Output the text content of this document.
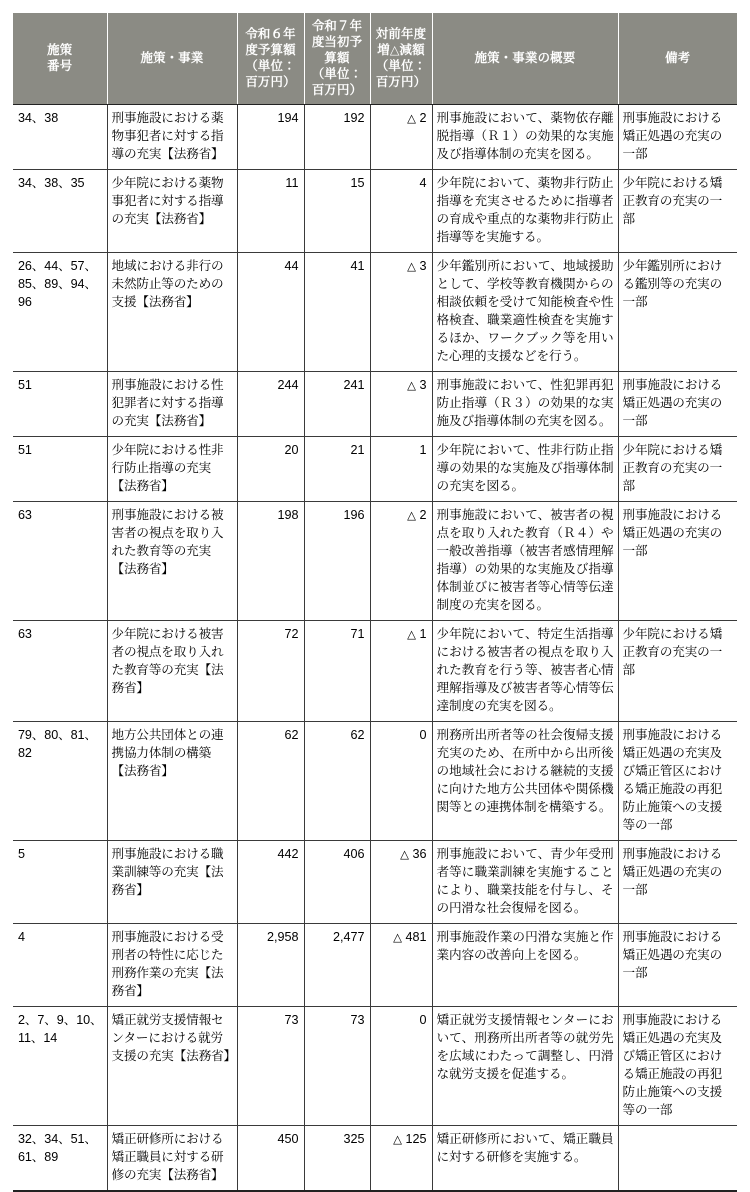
施策
番号	施策・事業	令和６年
度予算額
（単位：
百万円）	令和７年
度当初予
算額
（単位：
百万円）	対前年度
増△減額
（単位：
百万円）	施策・事業の概要	備考

34、38	刑事施設における薬物事犯者に対する指導の充実【法務省】	194	192	△ 2	刑事施設において、薬物依存離脱指導（Ｒ１）の効果的な実施及び指導体制の充実を図る。	刑事施設における矯正処遇の充実の一部
34、38、35	少年院における薬物事犯者に対する指導の充実【法務省】	11	15	4	少年院において、薬物非行防止指導を充実させるために指導者の育成や重点的な薬物非行防止指導等を実施する。	少年院における矯正教育の充実の一部
26、44、57、85、89、94、96	地域における非行の未然防止等のための支援【法務省】	44	41	△ 3	少年鑑別所において、地域援助として、学校等教育機関からの相談依頼を受けて知能検査や性格検査、職業適性検査を実施するほか、ワークブック等を用いた心理的支援などを行う。	少年鑑別所における鑑別等の充実の一部
51	刑事施設における性犯罪者に対する指導の充実【法務省】	244	241	△ 3	刑事施設において、性犯罪再犯防止指導（Ｒ３）の効果的な実施及び指導体制の充実を図る。	刑事施設における矯正処遇の充実の一部
51	少年院における性非行防止指導の充実【法務省】	20	21	1	少年院において、性非行防止指導の効果的な実施及び指導体制の充実を図る。	少年院における矯正教育の充実の一部
63	刑事施設における被害者の視点を取り入れた教育等の充実【法務省】	198	196	△ 2	刑事施設において、被害者の視点を取り入れた教育（Ｒ４）や一般改善指導（被害者感情理解指導）の効果的な実施及び指導体制並びに被害者等心情等伝達制度の充実を図る。	刑事施設における矯正処遇の充実の一部
63	少年院における被害者の視点を取り入れた教育等の充実【法務省】	72	71	△ 1	少年院において、特定生活指導における被害者の視点を取り入れた教育を行う等、被害者心情理解指導及び被害者等心情等伝達制度の充実を図る。	少年院における矯正教育の充実の一部
79、80、81、82	地方公共団体との連携協力体制の構築【法務省】	62	62	0	刑務所出所者等の社会復帰支援充実のため、在所中から出所後の地域社会における継続的支援に向けた地方公共団体や関係機関等との連携体制を構築する。	刑事施設における矯正処遇の充実及び矯正管区における矯正施設の再犯防止施策への支援等の一部
5	刑事施設における職業訓練等の充実【法務省】	442	406	△ 36	刑事施設において、青少年受刑者等に職業訓練を実施することにより、職業技能を付与し、その円滑な社会復帰を図る。	刑事施設における矯正処遇の充実の一部
4	刑事施設における受刑者の特性に応じた刑務作業の充実【法務省】	2,958	2,477	△ 481	刑事施設作業の円滑な実施と作業内容の改善向上を図る。	刑事施設における矯正処遇の充実の一部
2、7、9、10、11、14	矯正就労支援情報センターにおける就労支援の充実【法務省】	73	73	0	矯正就労支援情報センターにおいて、刑務所出所者等の就労先を広域にわたって調整し、円滑な就労支援を促進する。	刑事施設における矯正処遇の充実及び矯正管区における矯正施設の再犯防止施策への支援等の一部
32、34、51、61、89	矯正研修所における矯正職員に対する研修の充実【法務省】	450	325	△ 125	矯正研修所において、矯正職員に対する研修を実施する。	
